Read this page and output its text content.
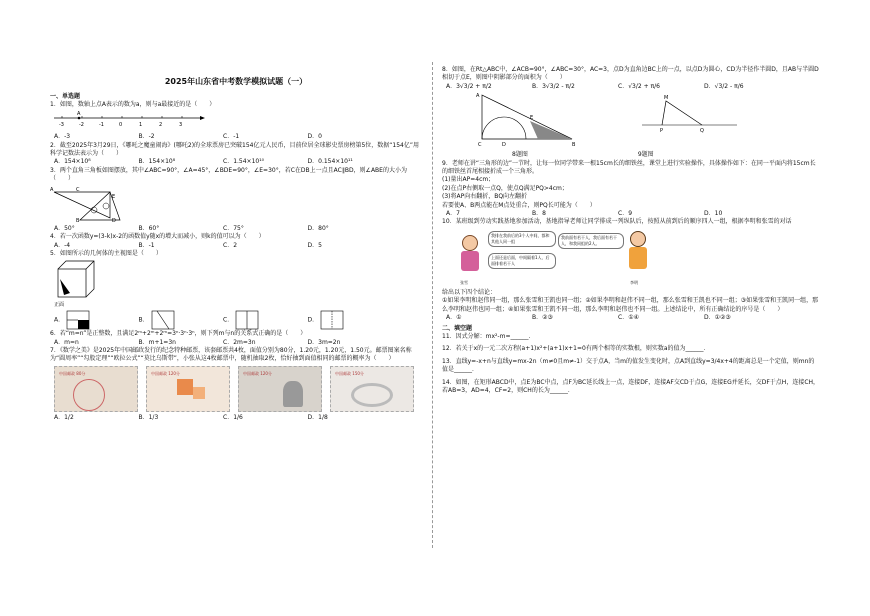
2025年山东省中考数学模拟试题（一）
一、单选题
1．如图，数轴上点A表示的数为a，则与a最接近的是（　　）
-3	-2	-1	0	1	2	3
A
A．-3	B．-2	C．-1	D．0
2．截至2025年3月29日，《哪吒之魔童闹海》(哪吒2)的全球票房已突破154亿元人民币，目前位居全球影史票房榜第5位，数据“154亿”用科学记数法表示为（　　）
A．154×10⁸	B．154×10⁸	C．1.54×10¹⁰	D．0.154×10¹¹
3．两个直角三角板如图摆放，其中∠ABC=90°，∠A=45°，∠BDE=90°，∠E=30°，若C在DB上一点且AC∥BD，则∠ABE的大小为（　　）
A	C
E
B	D
A．50°	B．60°	C．75°	D．80°
4．若一次函数y=(3-k)x-2的函数值y随x的增大而减小，则k的值可以为（　　）
A．-4	B．-1	C．2	D．5
5．如图所示的几何体的主视图是（　　）
正面
A．	B．	C．	D．
6．若“m=n”是正整数，且满足2ᵐ+2ᵐ+2ᵐ=3ⁿ·3ⁿ·3ⁿ，则下列m与n的关系式正确的是（　　）
A．m=n	B．m+1=3n	C．2m=3n	D．3m=2n
7．《数学之美》是2025年中国邮政发行的纪念特种邮票，该套邮票共4枚，面值分别为80分，1.20元，1.20元，1.50元。邮票图案名称为“圆周率”“勾股定理”“欧拉公式”“莫比乌斯带”，小张从这4枚邮票中，随机抽取2枚，恰好抽到面值相同的邮票的概率为（　　）
中国邮政 80分	中国邮政 120分	中国邮政 120分	中国邮政 150分
A．1/2	B．1/3	C．1/6	D．1/8
8．如图，在Rt△ABC中，∠ACB=90°，∠ABC=30°，AC=3，点D为直角边BC上的一点，以点D为圆心，CD为半径作半圆D，且AB与半圆D相切于点E，则图中阴影部分的面积为（　　）
A．3√3/2 + π/2	B．3√3/2 - π/2	C．√3/2 + π/6	D．√3/2 - π/6
A
E
C	D	B
M
P	Q
8题图	9题图
9．老师在讲“三角形的边”一节时，让每一位同学带来一根15cm长的细铁丝，课堂上进行实验操作，具体操作如下：在同一平面内将15cm长的细铁丝首尾相接折成一个三角形。
(1)量出AP=4cm；
(2)在点P右侧取一点Q，使点Q满足PQ>4cm；
(3)将AP向右翻折，BQ向左翻折
若要使A、B两点能在M点处重合，则PQ长可能为（　　）
A．7	B．8	C．9	D．10
10．某班级到劳动实践基地参加活动，基地指导老师让同学排成一列纵队后，按照从前到后的顺序四人一组，根据李明和张雪的对话
我排在我前后的3个人中间，都和其他人同一组
上面还是后面，中间隔着1人，后面排着若干人
我前面有若干人，我后面有若干人，和我同组的2人。
张雪	李明
给出以下四个结论：
①如果李明和赵伟同一组，那么张雪和王凯也同一组；②如果李明和赵伟不同一组，那么张雪和王凯也不同一组；③如果张雪和王凯同一组，那么李明和赵伟也同一组；④如果张雪和王凯不同一组，那么李明和赵伟也不同一组。上述结论中，所有正确结论的序号是（　　）
A．①	B．②③	C．①④	D．①②③
二、填空题
11．因式分解：mx²-m=______．
12．若关于x的一元二次方程(a+1)x²+(a+1)x+1=0有两个相等的实数根，则实数a的值为______．
13．直线y=-x+n与直线y=mx-2n（m≠0且m≠-1）交于点A，当m的值发生变化时，点A到直线y=3/4x+4的距离总是一个定值，则mn的值是______．
14．如图，在矩形ABCD中，点E为BC中点，点F为BC延长线上一点，连接DF，连接AF交CD于点G，连接EG并延长，交DF于点H，连接CH，若AB=3，AD=4，CF=2，则CH的长为______．
